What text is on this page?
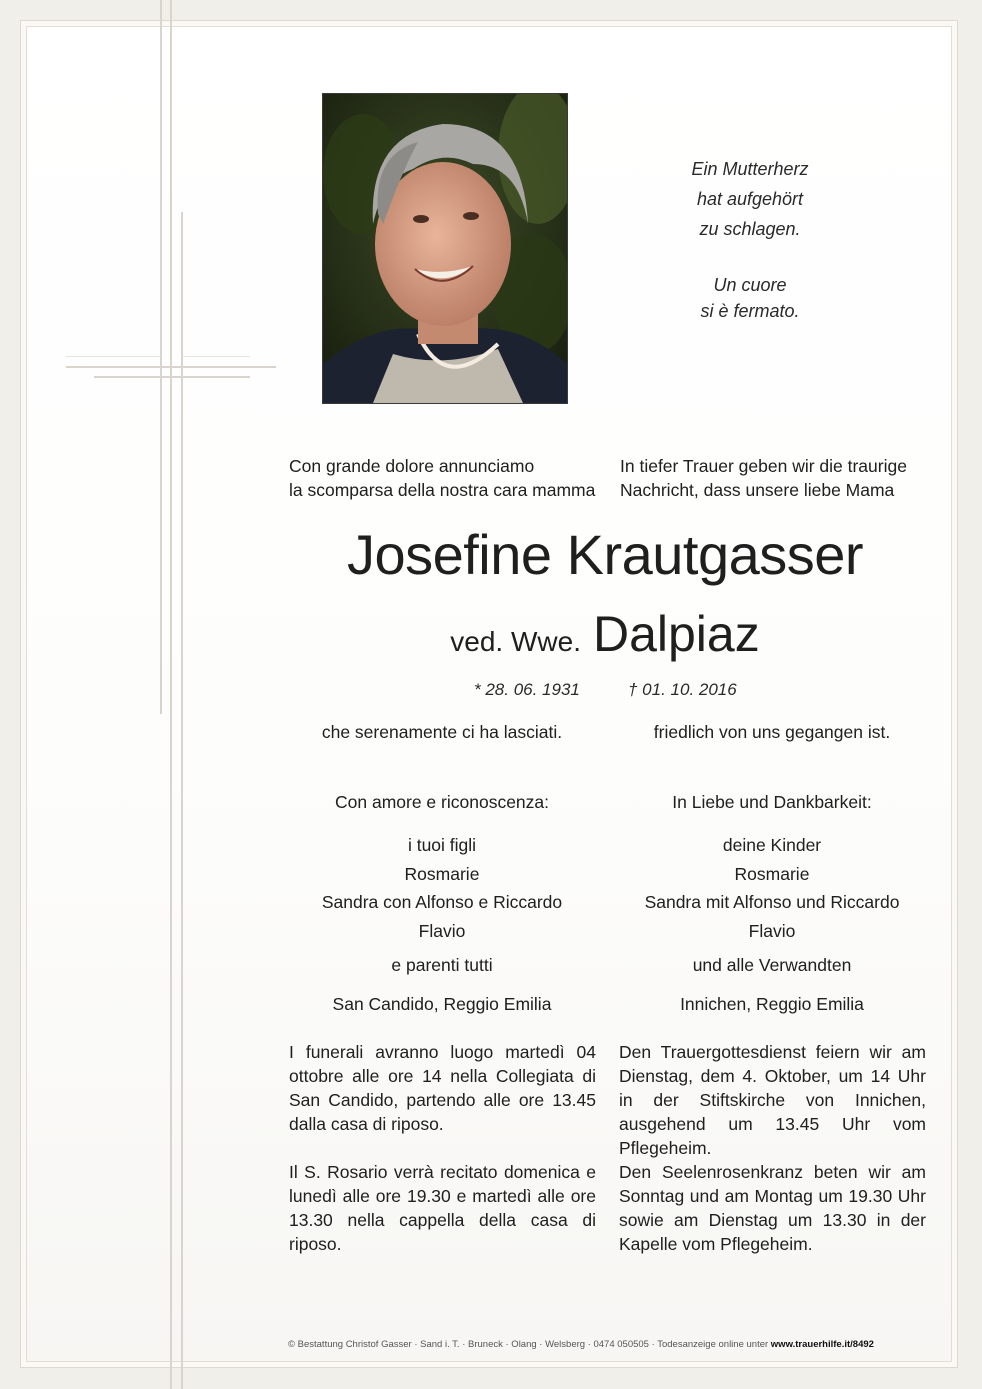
Ein Mutterherz
hat aufgehört
zu schlagen.
Un cuore
si è fermato.
Con grande dolore annunciamo
la scomparsa della nostra cara mamma
In tiefer Trauer geben wir die traurige
Nachricht, dass unsere liebe Mama
Josefine Krautgasser
ved. Wwe. Dalpiaz
* 28. 06. 1931	† 01. 10. 2016
che serenamente ci ha lasciati.	friedlich von uns gegangen ist.
Con amore e riconoscenza:
i tuoi figli
Rosmarie
Sandra con Alfonso e Riccardo
Flavio
e parenti tutti
San Candido, Reggio Emilia
In Liebe und Dankbarkeit:
deine Kinder
Rosmarie
Sandra mit Alfonso und Riccardo
Flavio
und alle Verwandten
Innichen, Reggio Emilia
I funerali avranno luogo martedì 04 ottobre alle ore 14 nella Collegiata di San Candido, partendo alle ore 13.45 dalla casa di riposo.
Den Trauergottesdienst feiern wir am Dienstag, dem 4. Oktober, um 14 Uhr in der Stiftskirche von Innichen, ausgehend um 13.45 Uhr vom Pflegeheim.
Il S. Rosario verrà recitato domenica e lunedì alle ore 19.30 e martedì alle ore 13.30 nella cappella della casa di riposo.
Den Seelenrosenkranz beten wir am Sonntag und am Montag um 19.30 Uhr sowie am Dienstag um 13.30 in der Kapelle vom Pflegeheim.
© Bestattung Christof Gasser · Sand i. T. · Bruneck · Olang · Welsberg · 0474 050505 · Todesanzeige online unter www.trauerhilfe.it/8492
